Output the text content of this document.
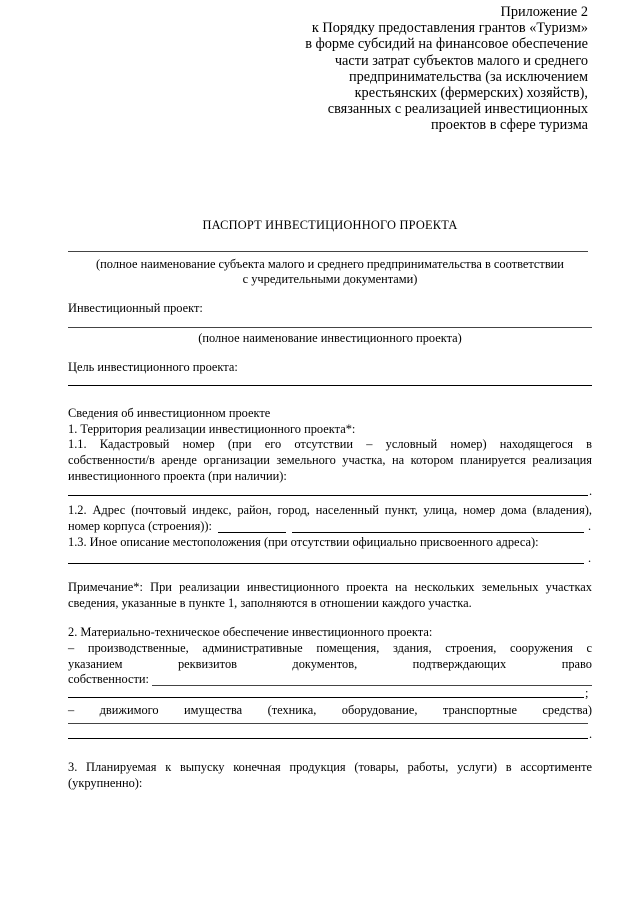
Приложение 2
к Порядку предоставления грантов «Туризм»
в форме субсидий на финансовое обеспечение
части затрат субъектов малого и среднего
предпринимательства (за исключением
крестьянских (фермерских) хозяйств),
связанных с реализацией инвестиционных
проектов в сфере туризма
ПАСПОРТ ИНВЕСТИЦИОННОГО ПРОЕКТА
(полное наименование субъекта малого и среднего предпринимательства в соответствии
с учредительными документами)
Инвестиционный проект:
(полное наименование инвестиционного проекта)
Цель инвестиционного проекта:
Сведения об инвестиционном проекте
1. Территория реализации инвестиционного проекта*:
1.1. Кадастровый номер (при его отсутствии – условный номер) находящегося в
собственности/в аренде организации земельного участка, на котором планируется реализация
инвестиционного проекта (при наличии):
.
1.2. Адрес (почтовый индекс, район, город, населенный пункт, улица, номер дома (владения),
номер корпуса (строения)):	.
1.3. Иное описание местоположения (при отсутствии официально присвоенного адреса):
.
Примечание*: При реализации инвестиционного проекта на нескольких земельных участках
сведения, указанные в пункте 1, заполняются в отношении каждого участка.
2. Материально-техническое обеспечение инвестиционного проекта:
– производственные, административные помещения, здания, строения, сооружения с
указанием реквизитов документов, подтверждающих право
собственности:
;
– движимого имущества (техника, оборудование, транспортные средства)
.
3. Планируемая к выпуску конечная продукция (товары, работы, услуги) в ассортименте
(укрупненно):
